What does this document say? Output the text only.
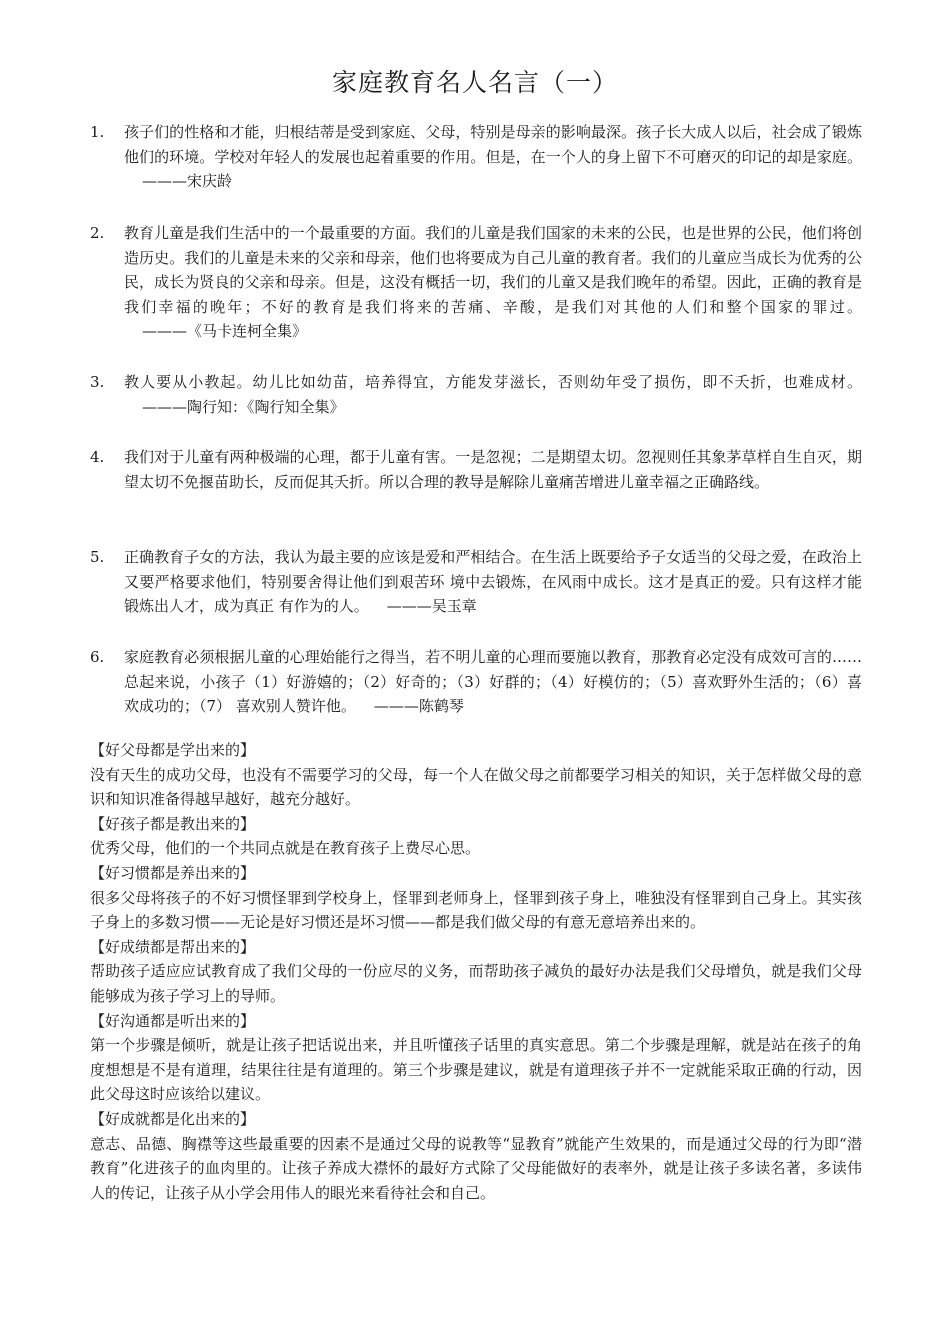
家庭教育名人名言（一）
1.	孩子们的性格和才能，归根结蒂是受到家庭、父母，特别是母亲的影响最深。孩子长大成人以后，社会成了锻炼他们的环境。学校对年轻人的发展也起着重要的作用。但是，在一个人的身上留下不可磨灭的印记的却是家庭。———宋庆龄
2.	教育儿童是我们生活中的一个最重要的方面。我们的儿童是我们国家的未来的公民，也是世界的公民，他们将创造历史。我们的儿童是未来的父亲和母亲，他们也将要成为自己儿童的教育者。我们的儿童应当成长为优秀的公民，成长为贤良的父亲和母亲。但是，这没有概括一切，我们的儿童又是我们晚年的希望。因此，正确的教育是我们幸福的晚年；不好的教育是我们将来的苦痛、辛酸，是我们对其他的人们和整个国家的罪过。———《马卡连柯全集》
3.	教人要从小教起。幼儿比如幼苗，培养得宜，方能发芽滋长，否则幼年受了损伤，即不夭折，也难成材。———陶行知：《陶行知全集》
4.	我们对于儿童有两种极端的心理，都于儿童有害。一是忽视；二是期望太切。忽视则任其象茅草样自生自灭，期望太切不免揠苗助长，反而促其夭折。所以合理的教导是解除儿童痛苦增进儿童幸福之正确路线。
5.	正确教育子女的方法，我认为最主要的应该是爱和严相结合。在生活上既要给予子女适当的父母之爱，在政治上又要严格要求他们，特别要舍得让他们到艰苦环 境中去锻炼，在风雨中成长。这才是真正的爱。只有这样才能锻炼出人才，成为真正 有作为的人。 ———吴玉章
6.	家庭教育必须根据儿童的心理始能行之得当，若不明儿童的心理而要施以教育，那教育必定没有成效可言的……总起来说，小孩子（1）好游嬉的；（2）好奇的；（3）好群的；（4）好模仿的；（5）喜欢野外生活的；（6）喜欢成功的；（7） 喜欢别人赞许他。 ———陈鹤琴
【好父母都是学出来的】
没有天生的成功父母，也没有不需要学习的父母，每一个人在做父母之前都要学习相关的知识，关于怎样做父母的意识和知识准备得越早越好，越充分越好。
【好孩子都是教出来的】
优秀父母，他们的一个共同点就是在教育孩子上费尽心思。
【好习惯都是养出来的】
很多父母将孩子的不好习惯怪罪到学校身上，怪罪到老师身上，怪罪到孩子身上，唯独没有怪罪到自己身上。其实孩子身上的多数习惯——无论是好习惯还是坏习惯——都是我们做父母的有意无意培养出来的。
【好成绩都是帮出来的】
帮助孩子适应应试教育成了我们父母的一份应尽的义务，而帮助孩子减负的最好办法是我们父母增负，就是我们父母能够成为孩子学习上的导师。
【好沟通都是听出来的】
第一个步骤是倾听，就是让孩子把话说出来，并且听懂孩子话里的真实意思。第二个步骤是理解，就是站在孩子的角度想想是不是有道理，结果往往是有道理的。第三个步骤是建议，就是有道理孩子并不一定就能采取正确的行动，因此父母这时应该给以建议。
【好成就都是化出来的】
意志、品德、胸襟等这些最重要的因素不是通过父母的说教等“显教育”就能产生效果的，而是通过父母的行为即“潜教育”化进孩子的血肉里的。让孩子养成大襟怀的最好方式除了父母能做好的表率外，就是让孩子多读名著，多读伟人的传记，让孩子从小学会用伟人的眼光来看待社会和自己。
